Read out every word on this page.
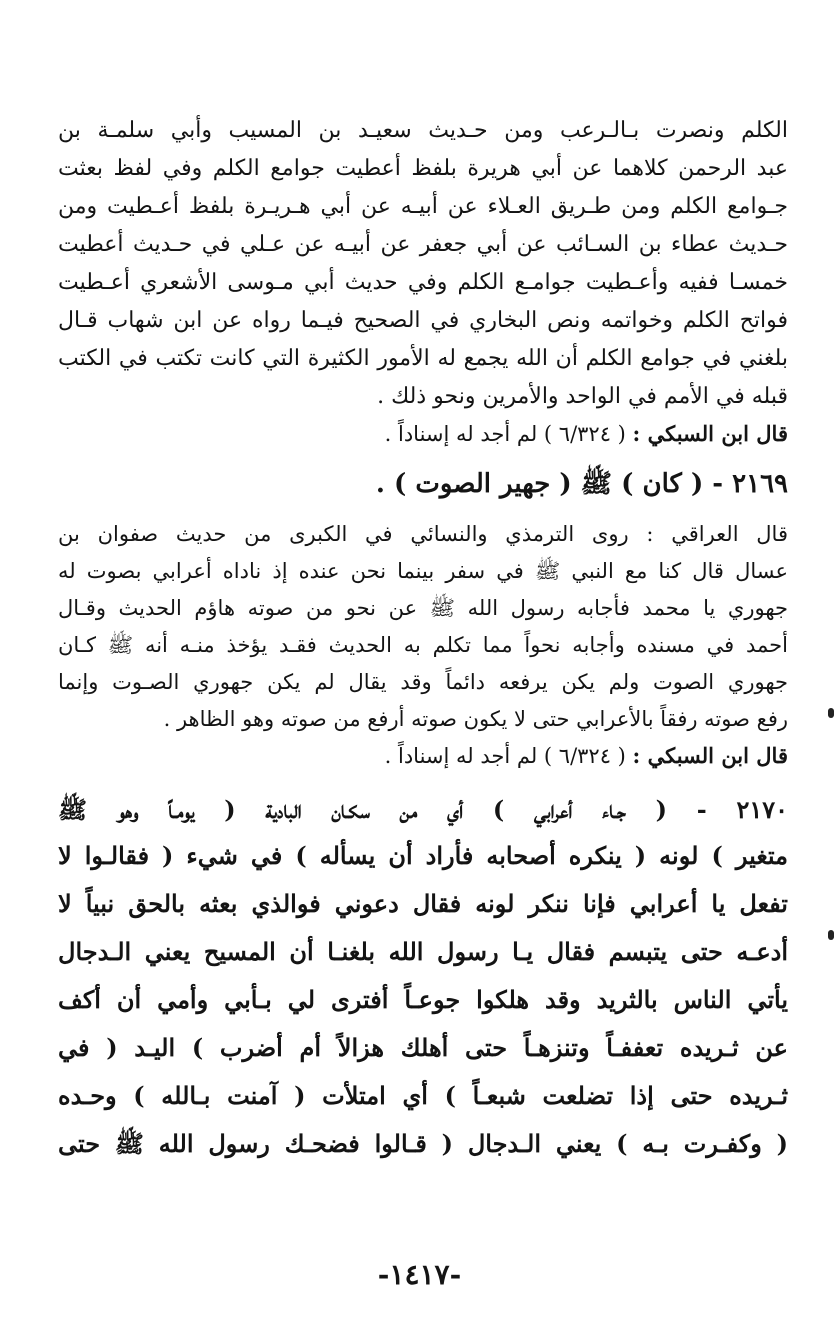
الكلم ونصرت بـالـرعب ومن حـديث سعيـد بن المسيب وأبي سلمـة بن
عبد الرحمن كلاهما عن أبي هريرة بلفظ أعطيت جوامع الكلم وفي لفظ بعثت
جـوامع الكلم ومن طـريق العـلاء عن أبيـه عن أبي هـريـرة بلفظ أعـطيت ومن
حـديث عطاء بن السـائب عن أبي جعفر عن أبيـه عن عـلي في حـديث أعطيت
خمسـا ففيه وأعـطيت جوامـع الكلم وفي حديث أبي مـوسى الأشعري أعـطيت
فواتح الكلم وخواتمه ونص البخاري في الصحيح فيـما رواه عن ابن شهاب قـال
بلغني في جوامع الكلم أن الله يجمع له الأمور الكثيرة التي كانت تكتب في الكتب
قبله في الأمم في الواحد والأمرين ونحو ذلك .
قال ابن السبكي : ( ٦/٣٢٤ ) لم أجد له إسناداً .
٢١٦٩ - ( كان ) ﷺ ( جهير الصوت ) .
قال العراقي : روى الترمذي والنسائي في الكبرى من حديث صفوان بن
عسال قال كنا مع النبي ﷺ في سفر بينما نحن عنده إذ ناداه أعرابي بصوت له
جهوري يا محمد فأجابه رسول الله ﷺ عن نحو من صوته هاؤم الحديث وقـال
أحمد في مسنده وأجابه نحواً مما تكلم به الحديث فقـد يؤخذ منـه أنه ﷺ كـان
جهوري الصوت ولم يكن يرفعه دائماً وقد يقال لم يكن جهوري الصـوت وإنما
رفع صوته رفقاً بالأعرابي حتى لا يكون صوته أرفع من صوته وهو الظاهر .
قال ابن السبكي : ( ٦/٣٢٤ ) لم أجد له إسناداً .
٢١٧٠ - ( جـاء أعرابي ) أي من سكـان البادية ( يومـاً وهو ﷺ
متغير ) لونه ( ينكره أصحابه فأراد أن يسأله ) في شيء ( فقالـوا لا
تفعل يا أعرابي فإنا ننكر لونه فقال دعوني فوالذي بعثه بالحق نبياً لا
أدعـه حتى يتبسم فقال يـا رسول الله بلغنـا أن المسيح يعني الـدجال
يأتي الناس بالثريد وقد هلكوا جوعـاً أفترى لي بـأبي وأمي أن أكف
عن ثـريده تعففـاً وتنزهـاً حتى أهلك هزالاً أم أضرب ) اليـد ( في
ثـريده حتى إذا تضلعت شبعـاً ) أي امتلأت ( آمنت بـالله ) وحـده
( وكفـرت بـه ) يعني الـدجال ( قـالوا فضحـك رسول الله ﷺ حتى
-١٤١٧-
